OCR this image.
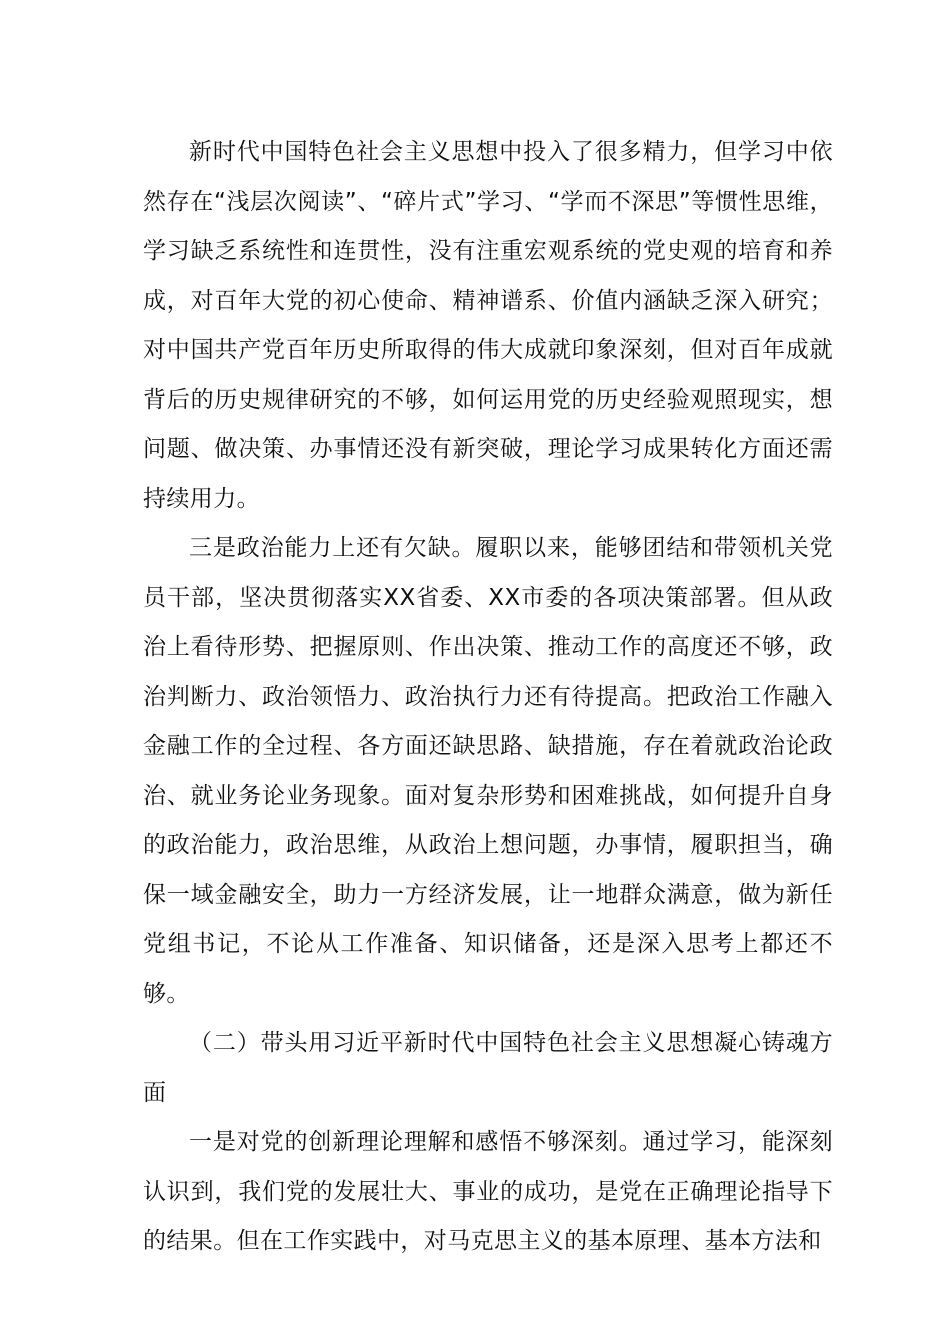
新时代中国特色社会主义思想中投入了很多精力，但学习中依然存在“浅层次阅读”、“碎片式”学习、“学而不深思”等惯性思维，学习缺乏系统性和连贯性，没有注重宏观系统的党史观的培育和养成，对百年大党的初心使命、精神谱系、价值内涵缺乏深入研究；对中国共产党百年历史所取得的伟大成就印象深刻，但对百年成就背后的历史规律研究的不够，如何运用党的历史经验观照现实，想问题、做决策、办事情还没有新突破，理论学习成果转化方面还需持续用力。

三是政治能力上还有欠缺。履职以来，能够团结和带领机关党员干部，坚决贯彻落实XX省委、XX市委的各项决策部署。但从政治上看待形势、把握原则、作出决策、推动工作的高度还不够，政治判断力、政治领悟力、政治执行力还有待提高。把政治工作融入金融工作的全过程、各方面还缺思路、缺措施，存在着就政治论政治、就业务论业务现象。面对复杂形势和困难挑战，如何提升自身的政治能力，政治思维，从政治上想问题，办事情，履职担当，确保一域金融安全，助力一方经济发展，让一地群众满意，做为新任党组书记，不论从工作准备、知识储备，还是深入思考上都还不够。

（二）带头用习近平新时代中国特色社会主义思想凝心铸魂方面

一是对党的创新理论理解和感悟不够深刻。通过学习，能深刻认识到，我们党的发展壮大、事业的成功，是党在正确理论指导下的结果。但在工作实践中，对马克思主义的基本原理、基本方法和
